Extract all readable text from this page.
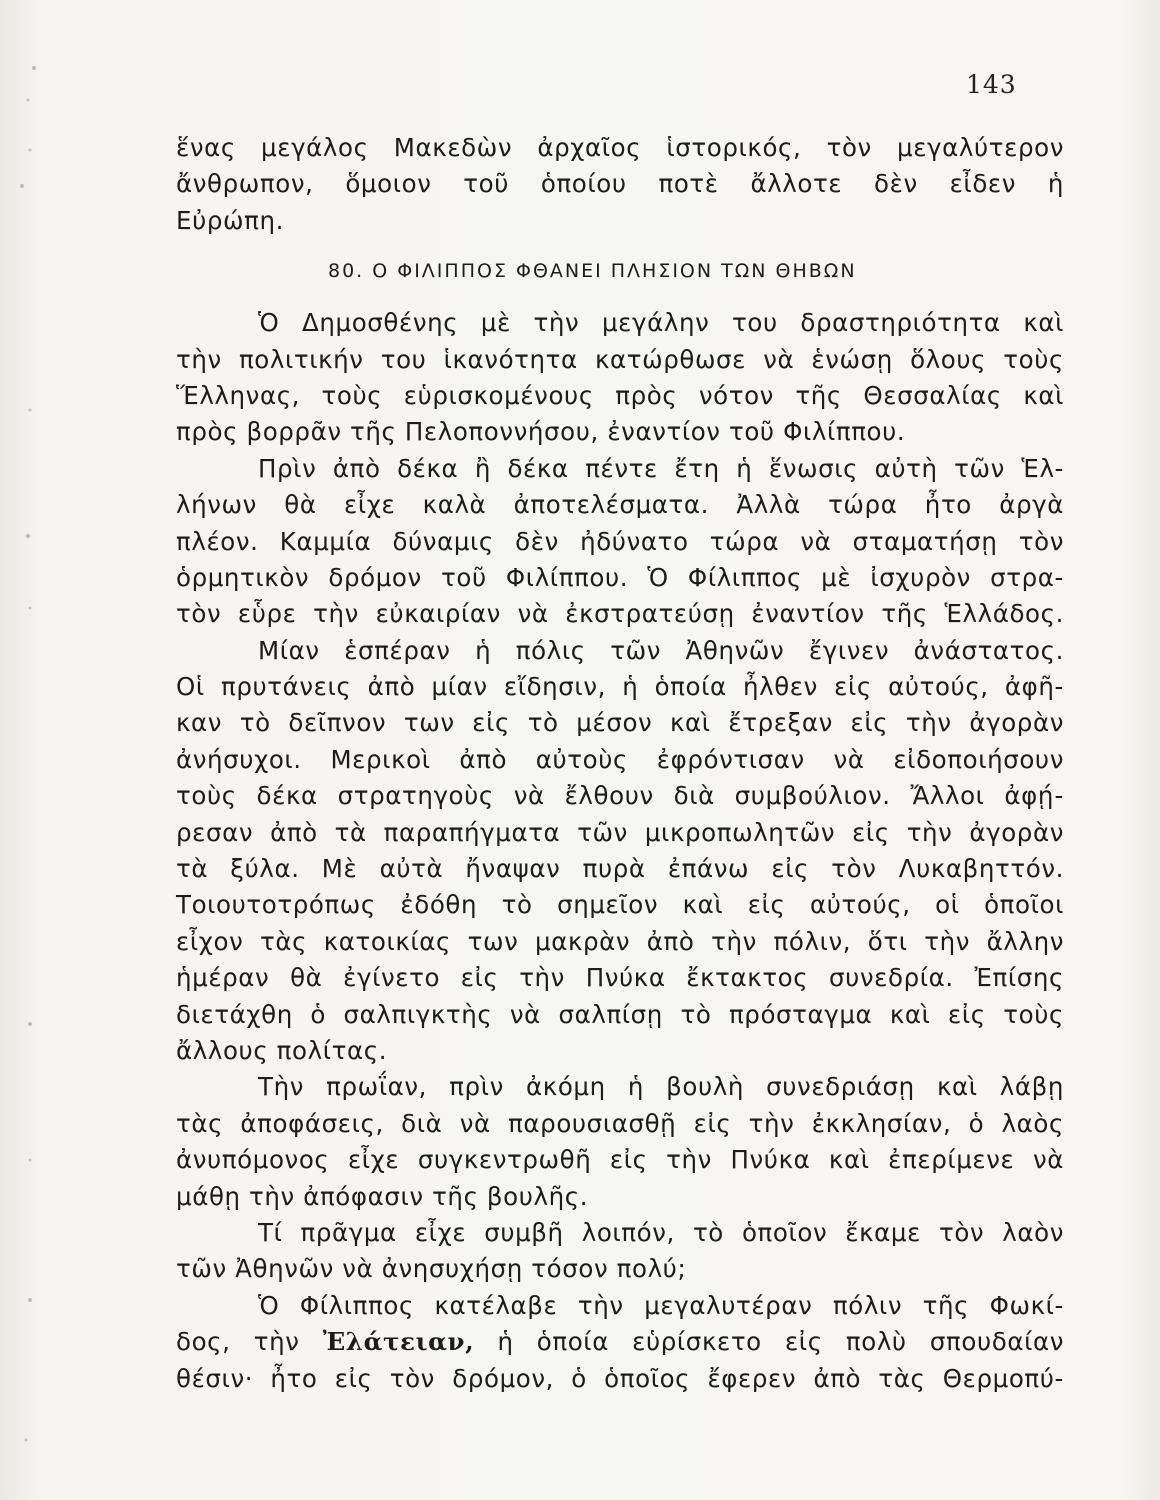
143
ἕνας μεγάλος Μακεδὼν ἀρχαῖος ἱστορικός, τὸν μεγαλύτερον
ἄνθρωπον, ὅμοιον τοῦ ὁποίου ποτὲ ἄλλοτε δὲν εἶδεν ἡ
Εὐρώπη.
80. Ο ΦΙΛΙΠΠΟΣ ΦΘΑΝΕΙ ΠΛΗΣΙΟΝ ΤΩΝ ΘΗΒΩΝ
Ὁ Δημοσθένης μὲ τὴν μεγάλην του δραστηριότητα καὶ
τὴν πολιτικήν του ἱκανότητα κατώρθωσε νὰ ἑνώσῃ ὅλους τοὺς
Ἕλληνας, τοὺς εὑρισκομένους πρὸς νότον τῆς Θεσσαλίας καὶ
πρὸς βορρᾶν τῆς Πελοποννήσου, ἐναντίον τοῦ Φιλίππου.
Πρὶν ἀπὸ δέκα ἢ δέκα πέντε ἔτη ἡ ἕνωσις αὐτὴ τῶν Ἑλ-
λήνων θὰ εἶχε καλὰ ἀποτελέσματα. Ἀλλὰ τώρα ἦτο ἀργὰ
πλέον. Καμμία δύναμις δὲν ἠδύνατο τώρα νὰ σταματήσῃ τὸν
ὁρμητικὸν δρόμον τοῦ Φιλίππου. Ὁ Φίλιππος μὲ ἰσχυρὸν στρα-
τὸν εὗρε τὴν εὐκαιρίαν νὰ ἐκστρατεύσῃ ἐναντίον τῆς Ἑλλάδος.
Μίαν ἑσπέραν ἡ πόλις τῶν Ἀθηνῶν ἔγινεν ἀνάστατος.
Οἱ πρυτάνεις ἀπὸ μίαν εἴδησιν, ἡ ὁποία ἦλθεν εἰς αὐτούς, ἀφῆ-
καν τὸ δεῖπνον των εἰς τὸ μέσον καὶ ἔτρεξαν εἰς τὴν ἀγορὰν
ἀνήσυχοι. Μερικοὶ ἀπὸ αὐτοὺς ἐφρόντισαν νὰ εἰδοποιήσουν
τοὺς δέκα στρατηγοὺς νὰ ἔλθουν διὰ συμβούλιον. Ἄλλοι ἀφῄ-
ρεσαν ἀπὸ τὰ παραπήγματα τῶν μικροπωλητῶν εἰς τὴν ἀγορὰν
τὰ ξύλα. Μὲ αὐτὰ ἤναψαν πυρὰ ἐπάνω εἰς τὸν Λυκαβηττόν.
Τοιουτοτρόπως ἐδόθη τὸ σημεῖον καὶ εἰς αὐτούς, οἱ ὁποῖοι
εἶχον τὰς κατοικίας των μακρὰν ἀπὸ τὴν πόλιν, ὅτι τὴν ἄλλην
ἡμέραν θὰ ἐγίνετο εἰς τὴν Πνύκα ἔκτακτος συνεδρία. Ἐπίσης
διετάχθη ὁ σαλπιγκτὴς νὰ σαλπίσῃ τὸ πρόσταγμα καὶ εἰς τοὺς
ἄλλους πολίτας.
Τὴν πρωΐαν, πρὶν ἀκόμη ἡ βουλὴ συνεδριάσῃ καὶ λάβῃ
τὰς ἀποφάσεις, διὰ νὰ παρουσιασθῇ εἰς τὴν ἐκκλησίαν, ὁ λαὸς
ἀνυπόμονος εἶχε συγκεντρωθῆ εἰς τὴν Πνύκα καὶ ἐπερίμενε νὰ
μάθῃ τὴν ἀπόφασιν τῆς βουλῆς.
Τί πρᾶγμα εἶχε συμβῆ λοιπόν, τὸ ὁποῖον ἔκαμε τὸν λαὸν
τῶν Ἀθηνῶν νὰ ἀνησυχήσῃ τόσον πολύ;
Ὁ Φίλιππος κατέλαβε τὴν μεγαλυτέραν πόλιν τῆς Φωκί-
δος, τὴν Ἐλάτειαν, ἡ ὁποία εὑρίσκετο εἰς πολὺ σπουδαίαν
θέσιν· ἦτο εἰς τὸν δρόμον, ὁ ὁποῖος ἔφερεν ἀπὸ τὰς Θερμοπύ-
